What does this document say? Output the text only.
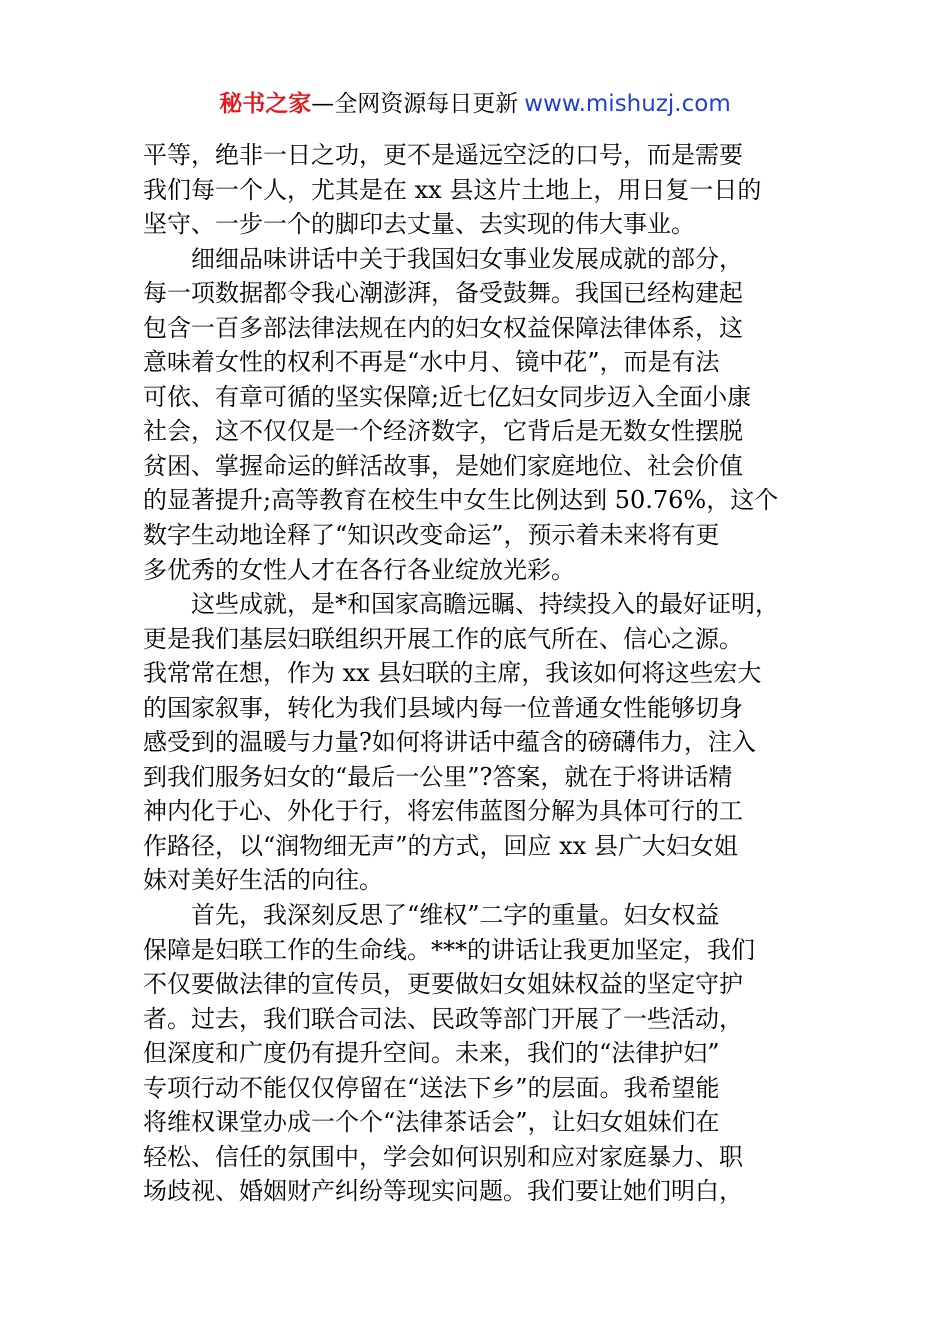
秘书之家—全网资源每日更新 www.mishuzj.com
平等，绝非一日之功，更不是遥远空泛的口号，而是需要
我们每一个人，尤其是在 xx 县这片土地上，用日复一日的
坚守、一步一个的脚印去丈量、去实现的伟大事业。
细细品味讲话中关于我国妇女事业发展成就的部分，
每一项数据都令我心潮澎湃，备受鼓舞。我国已经构建起
包含一百多部法律法规在内的妇女权益保障法律体系，这
意味着女性的权利不再是“水中月、镜中花”，而是有法
可依、有章可循的坚实保障;近七亿妇女同步迈入全面小康
社会，这不仅仅是一个经济数字，它背后是无数女性摆脱
贫困、掌握命运的鲜活故事，是她们家庭地位、社会价值
的显著提升;高等教育在校生中女生比例达到 50.76%，这个
数字生动地诠释了“知识改变命运”，预示着未来将有更
多优秀的女性人才在各行各业绽放光彩。
这些成就，是*和国家高瞻远瞩、持续投入的最好证明，
更是我们基层妇联组织开展工作的底气所在、信心之源。
我常常在想，作为 xx 县妇联的主席，我该如何将这些宏大
的国家叙事，转化为我们县域内每一位普通女性能够切身
感受到的温暖与力量?如何将讲话中蕴含的磅礴伟力，注入
到我们服务妇女的“最后一公里”?答案，就在于将讲话精
神内化于心、外化于行，将宏伟蓝图分解为具体可行的工
作路径，以“润物细无声”的方式，回应 xx 县广大妇女姐
妹对美好生活的向往。
首先，我深刻反思了“维权”二字的重量。妇女权益
保障是妇联工作的生命线。***的讲话让我更加坚定，我们
不仅要做法律的宣传员，更要做妇女姐妹权益的坚定守护
者。过去，我们联合司法、民政等部门开展了一些活动，
但深度和广度仍有提升空间。未来，我们的“法律护妇”
专项行动不能仅仅停留在“送法下乡”的层面。我希望能
将维权课堂办成一个个“法律茶话会”，让妇女姐妹们在
轻松、信任的氛围中，学会如何识别和应对家庭暴力、职
场歧视、婚姻财产纠纷等现实问题。我们要让她们明白，
